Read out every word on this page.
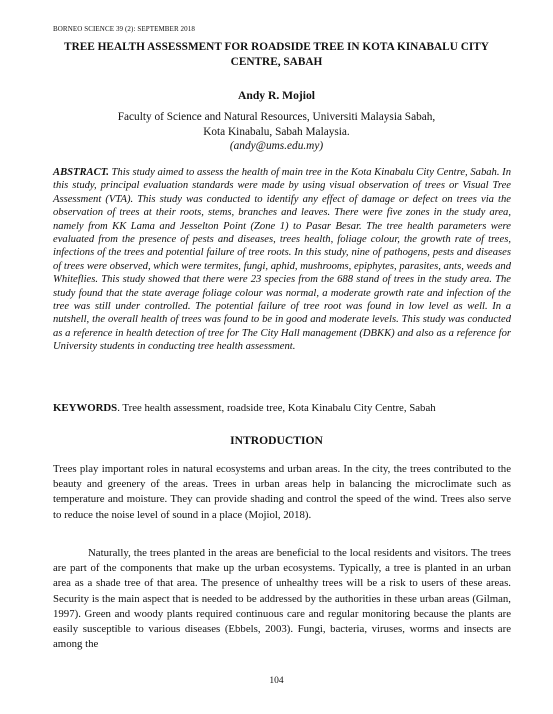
BORNEO SCIENCE 39 (2): SEPTEMBER 2018
TREE HEALTH ASSESSMENT FOR ROADSIDE TREE IN KOTA KINABALU CITY CENTRE, SABAH
Andy R. Mojiol
Faculty of Science and Natural Resources, Universiti Malaysia Sabah,
Kota Kinabalu, Sabah Malaysia.
(andy@ums.edu.my)

ABSTRACT. This study aimed to assess the health of main tree in the Kota Kinabalu City Centre, Sabah. In this study, principal evaluation standards were made by using visual observation of trees or Visual Tree Assessment (VTA). This study was conducted to identify any effect of damage or defect on trees via the observation of trees at their roots, stems, branches and leaves. There were five zones in the study area, namely from KK Lama and Jesselton Point (Zone 1) to Pasar Besar. The tree health parameters were evaluated from the presence of pests and diseases, trees health, foliage colour, the growth rate of trees, infections of the trees and potential failure of tree roots. In this study, nine of pathogens, pests and diseases of trees were observed, which were termites, fungi, aphid, mushrooms, epiphytes, parasites, ants, weeds and Whiteflies. This study showed that there were 23 species from the 688 stand of trees in the study area. The study found that the state average foliage colour was normal, a moderate growth rate and infection of the tree was still under controlled. The potential failure of tree root was found in low level as well. In a nutshell, the overall health of trees was found to be in good and moderate levels. This study was conducted as a reference in health detection of tree for The City Hall management (DBKK) and also as a reference for University students in conducting tree health assessment.

KEYWORDS. Tree health assessment, roadside tree, Kota Kinabalu City Centre, Sabah

INTRODUCTION

Trees play important roles in natural ecosystems and urban areas. In the city, the trees contributed to the beauty and greenery of the areas. Trees in urban areas help in balancing the microclimate such as temperature and moisture. They can provide shading and control the speed of the wind. Trees also serve to reduce the noise level of sound in a place (Mojiol, 2018).

Naturally, the trees planted in the areas are beneficial to the local residents and visitors. The trees are part of the components that make up the urban ecosystems. Typically, a tree is planted in an urban area as a shade tree of that area. The presence of unhealthy trees will be a risk to users of these areas. Security is the main aspect that is needed to be addressed by the authorities in these urban areas (Gilman, 1997). Green and woody plants required continuous care and regular monitoring because the plants are easily susceptible to various diseases (Ebbels, 2003). Fungi, bacteria, viruses, worms and insects are among the

104
